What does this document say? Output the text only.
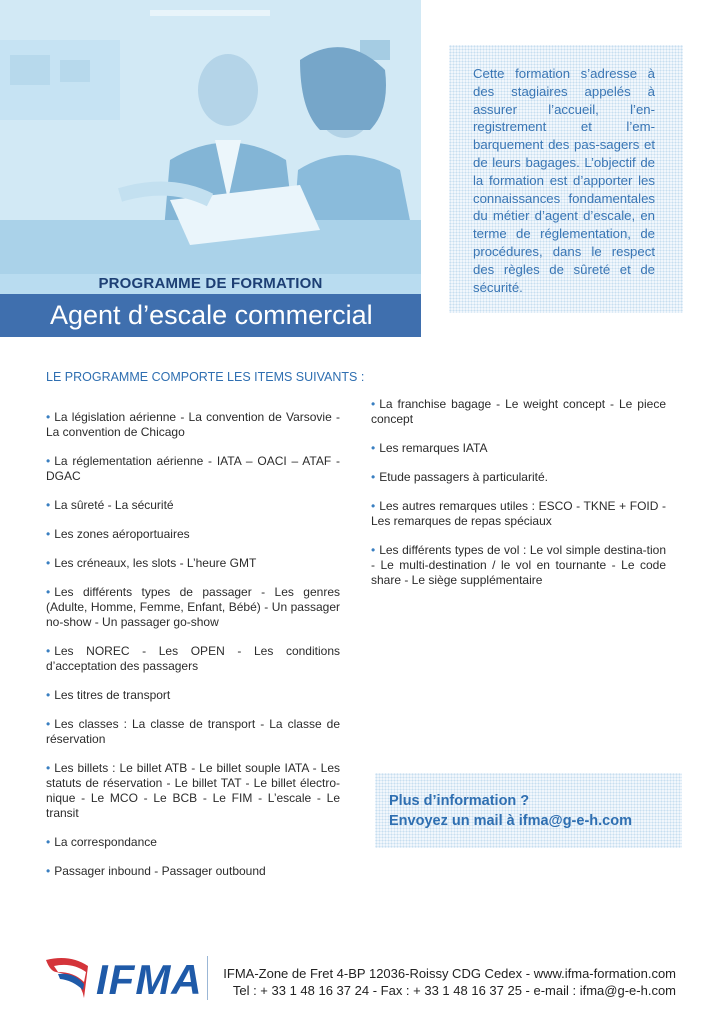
PROGRAMME DE FORMATION
Agent d’escale commercial

Cette formation s’adresse à des stagiaires appelés à assurer l’accueil, l’en-registrement et l’em-barquement des pas-sagers et de leurs bagages. L’objectif de la formation est d’apporter les connaissances fondamentales du métier d’agent d’escale, en terme de réglementation, de procédures, dans le respect des règles de sûreté et de sécurité.

LE PROGRAMME COMPORTE LES ITEMS SUIVANTS :
• La législation aérienne - La convention de Varsovie - La convention de Chicago
• La réglementation aérienne - IATA – OACI – ATAF - DGAC
• La sûreté - La sécurité
• Les zones aéroportuaires
• Les créneaux, les slots - L’heure GMT
• Les différents types de passager - Les genres (Adulte, Homme, Femme, Enfant, Bébé) - Un passager no-show - Un passager go-show
• Les NOREC - Les OPEN - Les conditions d’acceptation des passagers
• Les titres de transport
• Les classes : La classe de transport - La classe de réservation
• Les billets : Le billet ATB - Le billet souple IATA - Les statuts de réservation - Le billet TAT - Le billet électro-nique - Le MCO - Le BCB - Le FIM - L’escale - Le transit
• La correspondance
• Passager inbound - Passager outbound
• La franchise bagage - Le weight concept - Le piece concept
• Les remarques IATA
• Etude passagers à particularité.
• Les autres remarques utiles : ESCO - TKNE + FOID - Les remarques de repas spéciaux
• Les différents types de vol : Le vol simple destina-tion - Le multi-destination / le vol en tournante - Le code share - Le siège supplémentaire
Plus d’information ?
Envoyez un mail à ifma@g-e-h.com
IFMA IFMA-Zone de Fret 4-BP 12036-Roissy CDG Cedex - www.ifma-formation.com
Tel : + 33 1 48 16 37 24 - Fax : + 33 1 48 16 37 25 - e-mail : ifma@g-e-h.com
